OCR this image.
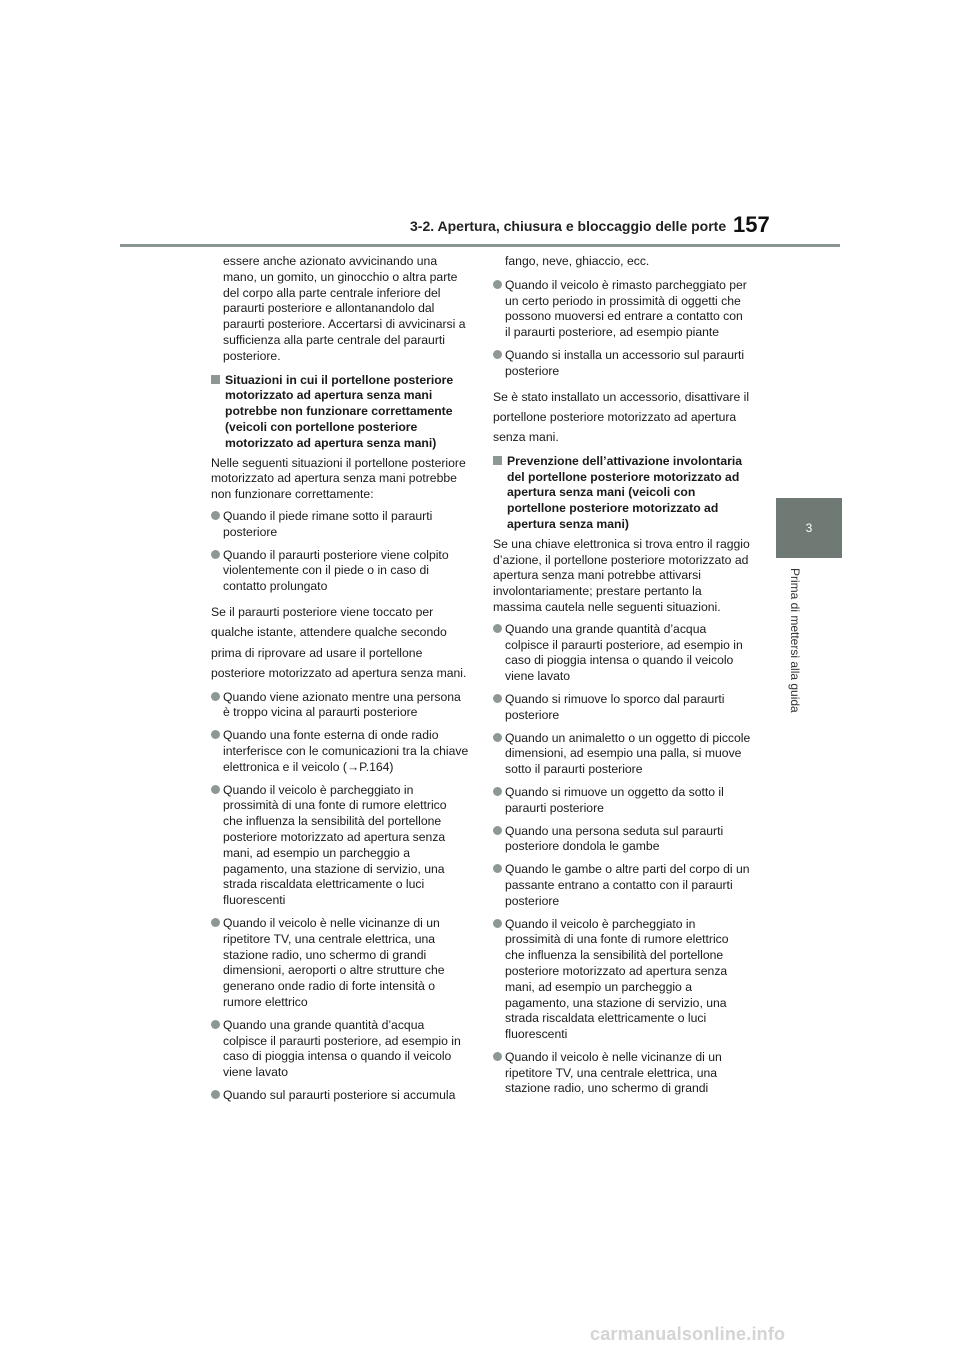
3-2. Apertura, chiusura e bloccaggio delle porte 157
3
Prima di mettersi alla guida
essere anche azionato avvicinando una mano, un gomito, un ginocchio o altra parte del corpo alla parte centrale inferiore del paraurti posteriore e allontanandolo dal paraurti posteriore. Accertarsi di avvicinarsi a sufficienza alla parte centrale del paraurti posteriore.
Situazioni in cui il portellone posteriore motorizzato ad apertura senza mani potrebbe non funzionare correttamente (veicoli con portellone posteriore motorizzato ad apertura senza mani)
Nelle seguenti situazioni il portellone posteriore motorizzato ad apertura senza mani potrebbe non funzionare correttamente:
Quando il piede rimane sotto il paraurti posteriore
Quando il paraurti posteriore viene colpito violentemente con il piede o in caso di contatto prolungato
Se il paraurti posteriore viene toccato per qualche istante, attendere qualche secondo prima di riprovare ad usare il portellone posteriore motorizzato ad apertura senza mani.
Quando viene azionato mentre una persona è troppo vicina al paraurti posteriore
Quando una fonte esterna di onde radio interferisce con le comunicazioni tra la chiave elettronica e il veicolo (→P.164)
Quando il veicolo è parcheggiato in prossimità di una fonte di rumore elettrico che influenza la sensibilità del portellone posteriore motorizzato ad apertura senza mani, ad esempio un parcheggio a pagamento, una stazione di servizio, una strada riscaldata elettricamente o luci fluorescenti
Quando il veicolo è nelle vicinanze di un ripetitore TV, una centrale elettrica, una stazione radio, uno schermo di grandi dimensioni, aeroporti o altre strutture che generano onde radio di forte intensità o rumore elettrico
Quando una grande quantità d’acqua colpisce il paraurti posteriore, ad esempio in caso di pioggia intensa o quando il veicolo viene lavato
Quando sul paraurti posteriore si accumula
fango, neve, ghiaccio, ecc.
Quando il veicolo è rimasto parcheggiato per un certo periodo in prossimità di oggetti che possono muoversi ed entrare a contatto con il paraurti posteriore, ad esempio piante
Quando si installa un accessorio sul paraurti posteriore
Se è stato installato un accessorio, disattivare il portellone posteriore motorizzato ad apertura senza mani.
Prevenzione dell’attivazione involontaria del portellone posteriore motorizzato ad apertura senza mani (veicoli con portellone posteriore motorizzato ad apertura senza mani)
Se una chiave elettronica si trova entro il raggio d’azione, il portellone posteriore motorizzato ad apertura senza mani potrebbe attivarsi involontariamente; prestare pertanto la massima cautela nelle seguenti situazioni.
Quando una grande quantità d’acqua colpisce il paraurti posteriore, ad esempio in caso di pioggia intensa o quando il veicolo viene lavato
Quando si rimuove lo sporco dal paraurti posteriore
Quando un animaletto o un oggetto di piccole dimensioni, ad esempio una palla, si muove sotto il paraurti posteriore
Quando si rimuove un oggetto da sotto il paraurti posteriore
Quando una persona seduta sul paraurti posteriore dondola le gambe
Quando le gambe o altre parti del corpo di un passante entrano a contatto con il paraurti posteriore
Quando il veicolo è parcheggiato in prossimità di una fonte di rumore elettrico che influenza la sensibilità del portellone posteriore motorizzato ad apertura senza mani, ad esempio un parcheggio a pagamento, una stazione di servizio, una strada riscaldata elettricamente o luci fluorescenti
Quando il veicolo è nelle vicinanze di un ripetitore TV, una centrale elettrica, una stazione radio, uno schermo di grandi
carmanualsonline.info
